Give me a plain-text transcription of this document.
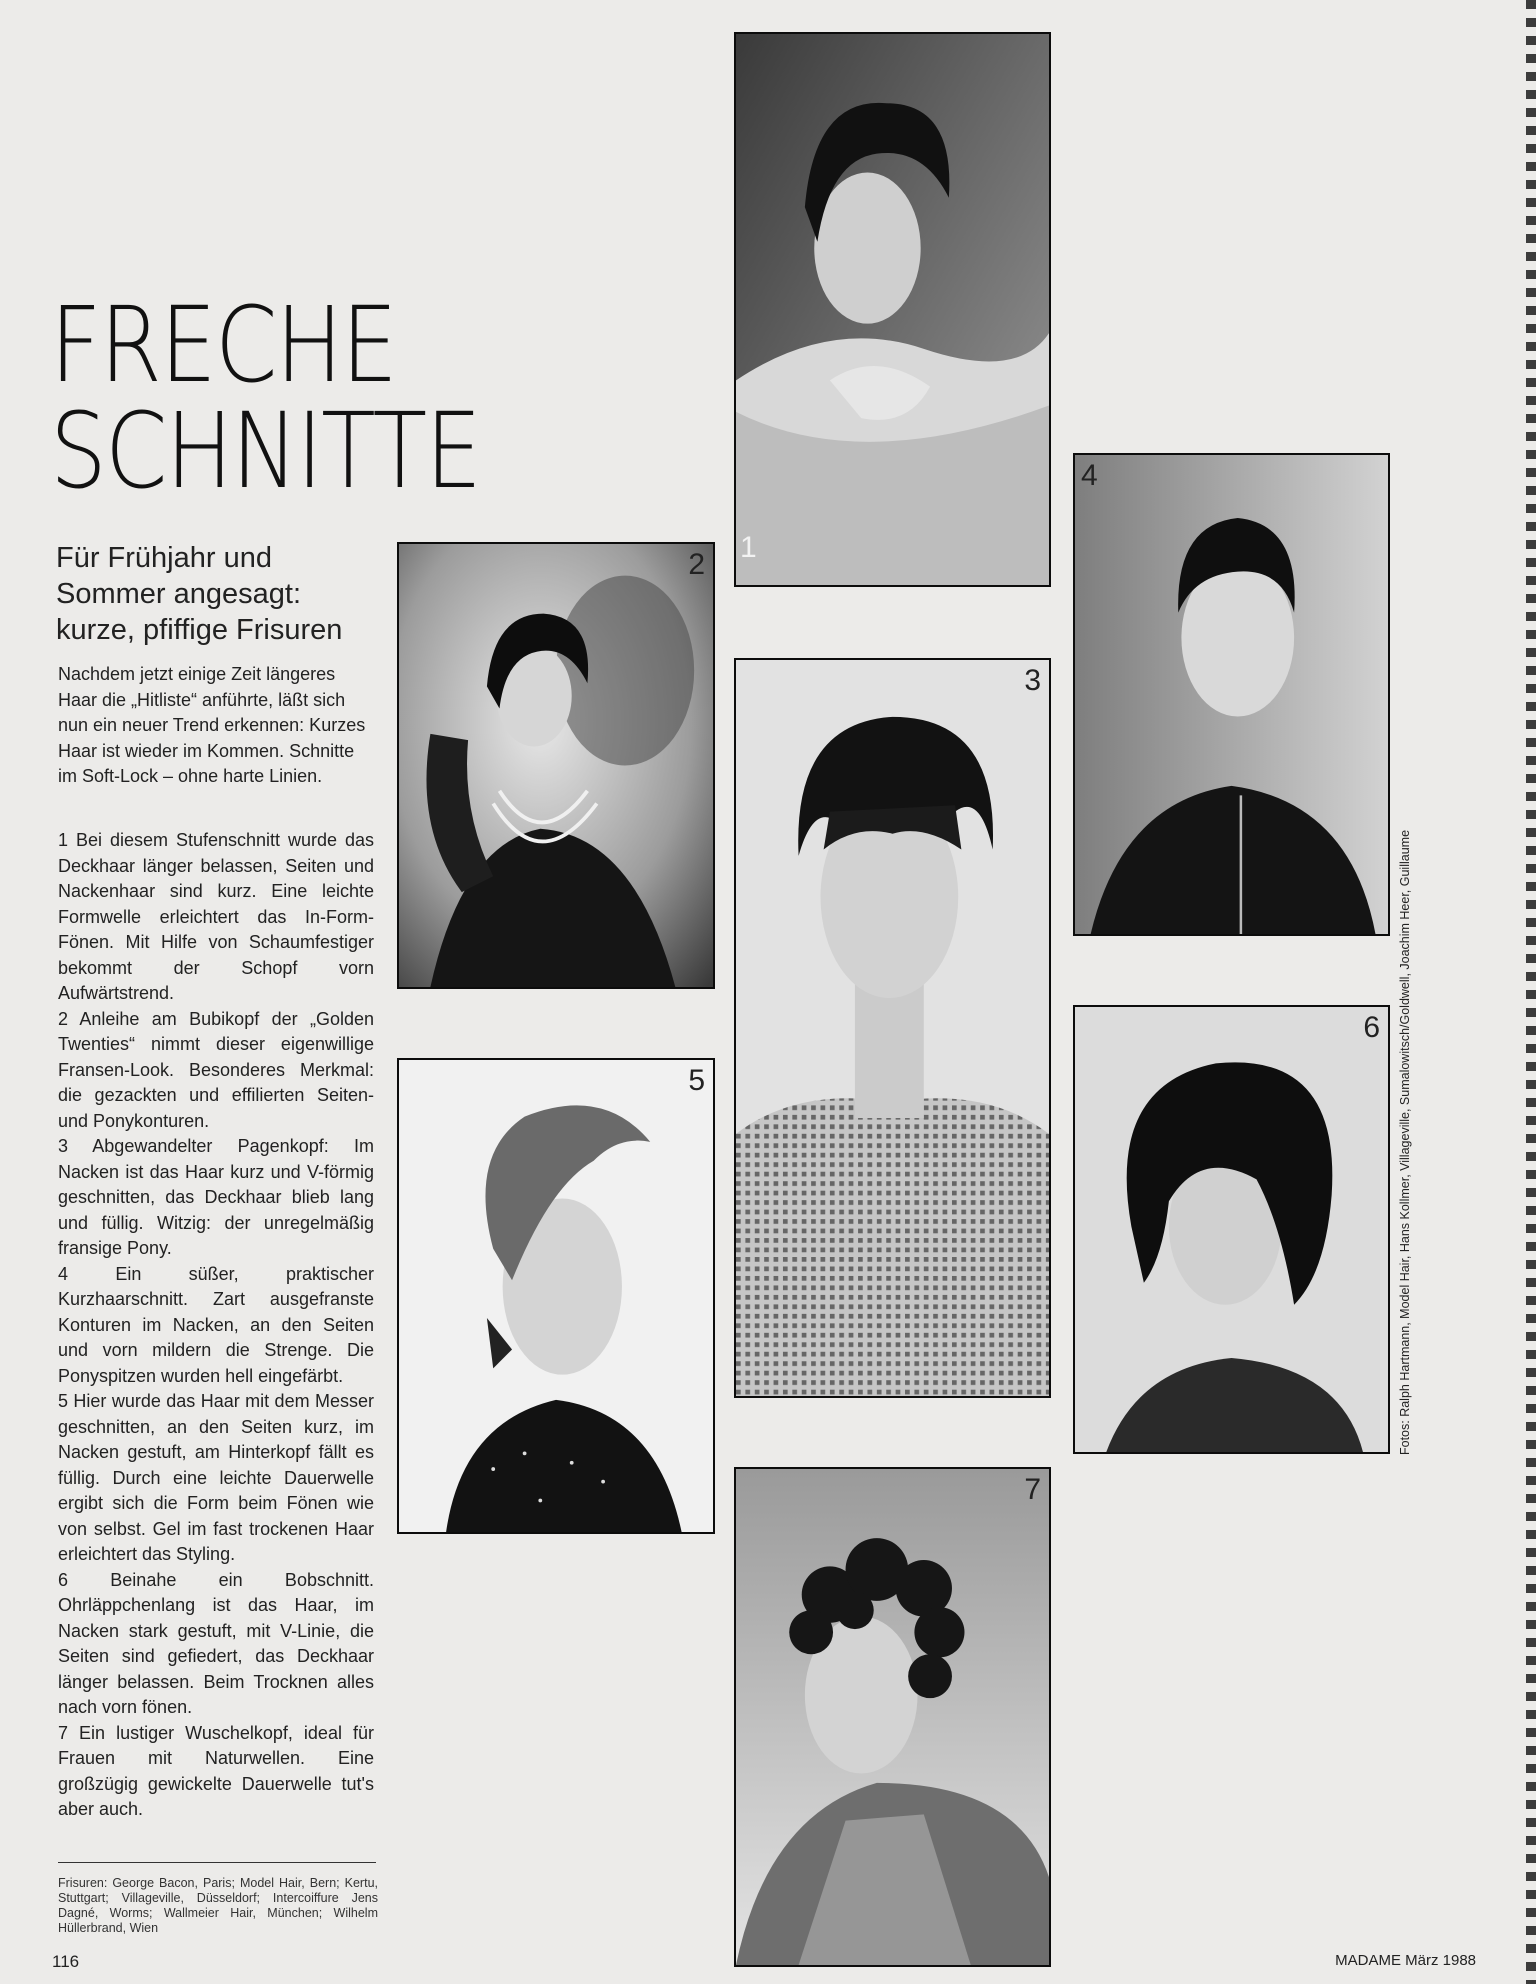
FRECHE
SCHNITTE
Für Frühjahr und
Sommer angesagt:
kurze, pfiffige Frisuren

Nachdem jetzt einige Zeit längeres Haar die „Hitliste“ anführte, läßt sich nun ein neuer Trend erkennen: Kurzes Haar ist wieder im Kommen. Schnitte im Soft-Lock – ohne harte Linien.

1 Bei diesem Stufenschnitt wurde das Deckhaar länger belassen, Seiten und Nackenhaar sind kurz. Eine leichte Formwelle erleichtert das In-Form-Fönen. Mit Hilfe von Schaumfestiger bekommt der Schopf vorn Aufwärtstrend.

2 Anleihe am Bubikopf der „Golden Twenties“ nimmt dieser eigenwillige Fransen-Look. Besonderes Merkmal: die gezackten und effilierten Seiten- und Ponykonturen.

3 Abgewandelter Pagenkopf: Im Nacken ist das Haar kurz und V-förmig geschnitten, das Deckhaar blieb lang und füllig. Witzig: der unregelmäßig fransige Pony.

4 Ein süßer, praktischer Kurzhaarschnitt. Zart ausgefranste Konturen im Nacken, an den Seiten und vorn mildern die Strenge. Die Ponyspitzen wurden hell eingefärbt.

5 Hier wurde das Haar mit dem Messer geschnitten, an den Seiten kurz, im Nacken gestuft, am Hinterkopf fällt es füllig. Durch eine leichte Dauerwelle ergibt sich die Form beim Fönen wie von selbst. Gel im fast trockenen Haar erleichtert das Styling.

6 Beinahe ein Bobschnitt. Ohrläppchenlang ist das Haar, im Nacken stark gestuft, mit V-Linie, die Seiten sind gefiedert, das Deckhaar länger belassen. Beim Trocknen alles nach vorn fönen.

7 Ein lustiger Wuschelkopf, ideal für Frauen mit Naturwellen. Eine großzügig gewickelte Dauerwelle tut's aber auch.

Frisuren: George Bacon, Paris; Model Hair, Bern; Kertu, Stuttgart; Villageville, Düsseldorf; Intercoiffure Jens Dagné, Worms; Wallmeier Hair, München; Wilhelm Hüllerbrand, Wien

Fotos: Ralph Hartmann, Model Hair, Hans Kollmer, Villageville, Sumalowitsch/Goldwell, Joachim Heer, Guillaume
1
2
3
4
5
6
7
116	MADAME März 1988
